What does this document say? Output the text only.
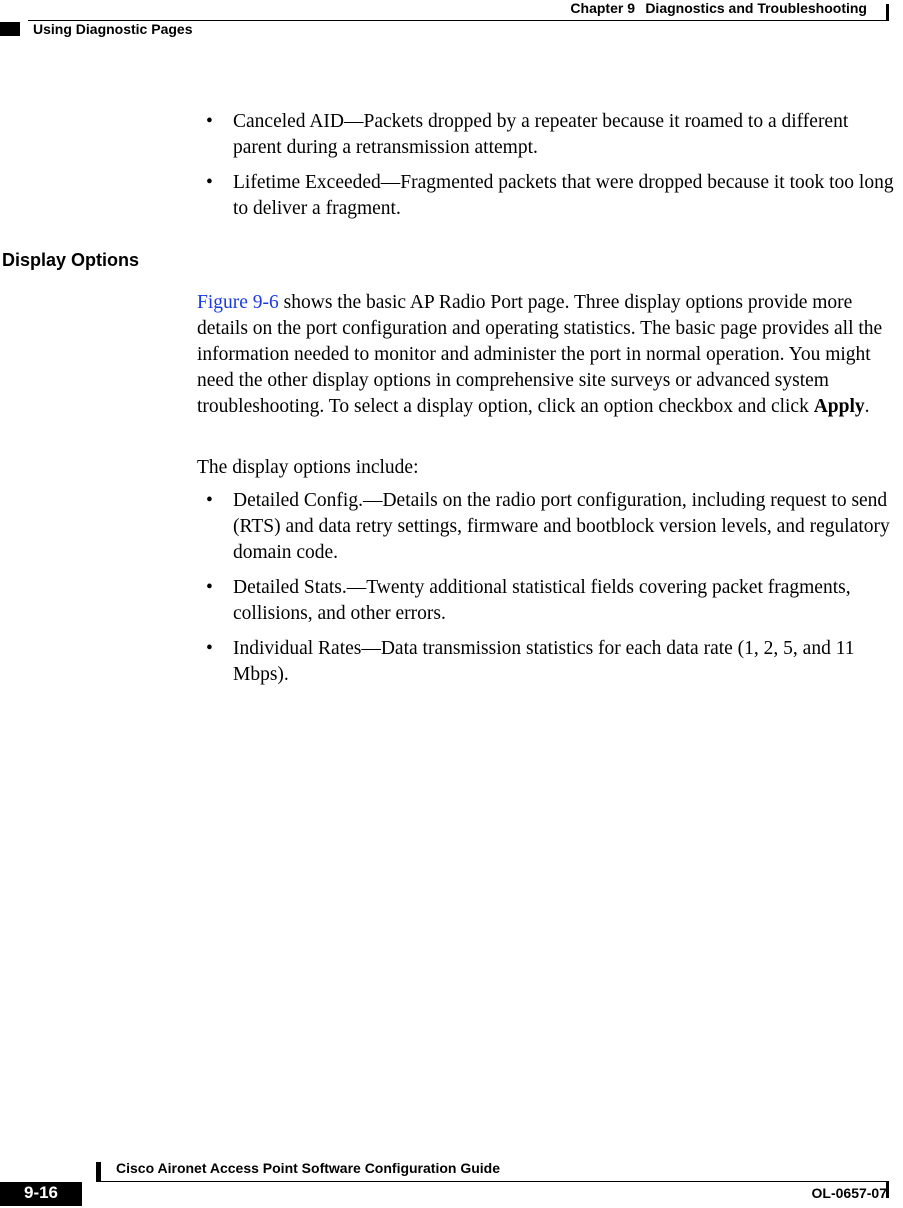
Chapter 9 Diagnostics and Troubleshooting
Using Diagnostic Pages
• Canceled AID—Packets dropped by a repeater because it roamed to a different parent during a retransmission attempt.
• Lifetime Exceeded—Fragmented packets that were dropped because it took too long to deliver a fragment.
Display Options
Figure 9-6 shows the basic AP Radio Port page. Three display options provide more details on the port configuration and operating statistics. The basic page provides all the information needed to monitor and administer the port in normal operation. You might need the other display options in comprehensive site surveys or advanced system troubleshooting. To select a display option, click an option checkbox and click Apply.
The display options include:
• Detailed Config.—Details on the radio port configuration, including request to send (RTS) and data retry settings, firmware and bootblock version levels, and regulatory domain code.
• Detailed Stats.—Twenty additional statistical fields covering packet fragments, collisions, and other errors.
• Individual Rates—Data transmission statistics for each data rate (1, 2, 5, and 11 Mbps).
9-16
Cisco Aironet Access Point Software Configuration Guide
OL-0657-07
